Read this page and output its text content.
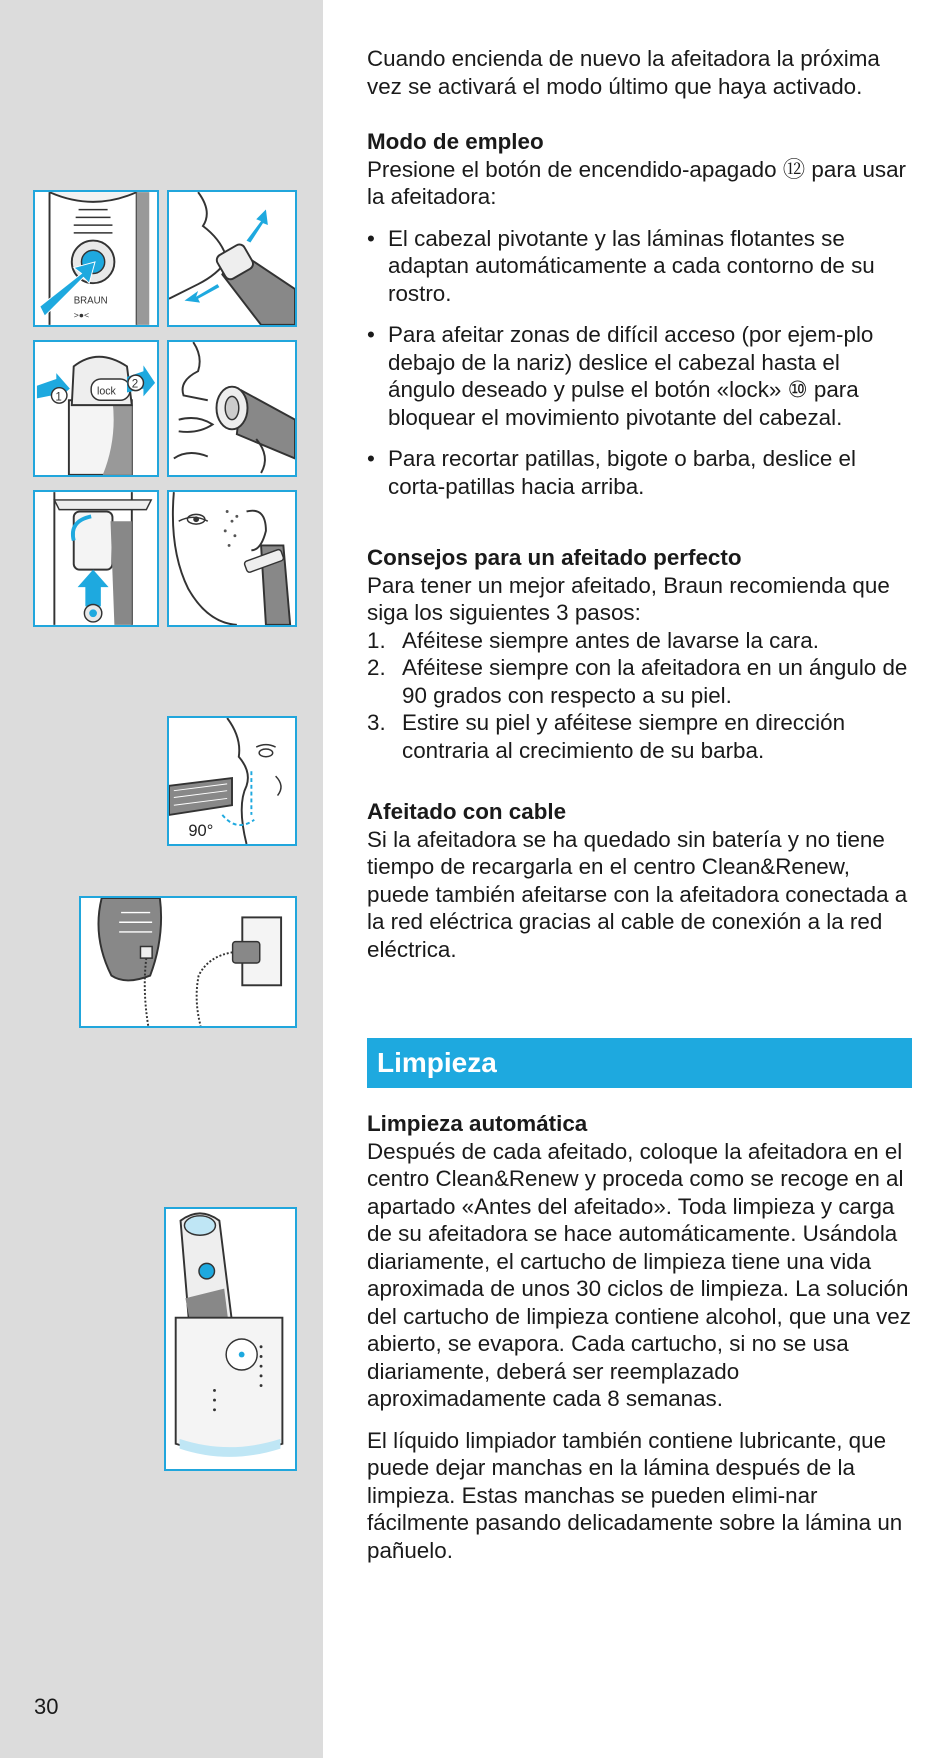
BRAUN
>●<
lock
1
2
90°
30

Cuando encienda de nuevo la afeitadora la próxima vez se activará el modo último que haya activado.

Modo de empleo

Presione el botón de encendido-apagado ⑫ para usar la afeitadora:

• El cabezal pivotante y las láminas flotantes se adaptan automáticamente a cada contorno de su rostro.
• Para afeitar zonas de difícil acceso (por ejem-plo debajo de la nariz) deslice el cabezal hasta el ángulo deseado y pulse el botón «lock» ⑩ para bloquear el movimiento pivotante del cabezal.
• Para recortar patillas, bigote o barba, deslice el corta-patillas hacia arriba.
Consejos para un afeitado perfecto

Para tener un mejor afeitado, Braun recomienda que siga los siguientes 3 pasos:

1. Aféitese siempre antes de lavarse la cara.
2. Aféitese siempre con la afeitadora en un ángulo de 90 grados con respecto a su piel.
3. Estire su piel y aféitese siempre en dirección contraria al crecimiento de su barba.
Afeitado con cable

Si la afeitadora se ha quedado sin batería y no tiene tiempo de recargarla en el centro Clean&Renew, puede también afeitarse con la afeitadora conectada a la red eléctrica gracias al cable de conexión a la red eléctrica.

Limpieza
Limpieza automática

Después de cada afeitado, coloque la afeitadora en el centro Clean&Renew y proceda como se recoge en al apartado «Antes del afeitado». Toda limpieza y carga de su afeitadora se hace automáticamente. Usándola diariamente, el cartucho de limpieza tiene una vida aproximada de unos 30 ciclos de limpieza. La solución del cartucho de limpieza contiene alcohol, que una vez abierto, se evapora. Cada cartucho, si no se usa diariamente, deberá ser reemplazado aproximadamente cada 8 semanas.

El líquido limpiador también contiene lubricante, que puede dejar manchas en la lámina después de la limpieza. Estas manchas se pueden elimi-nar fácilmente pasando delicadamente sobre la lámina un pañuelo.
